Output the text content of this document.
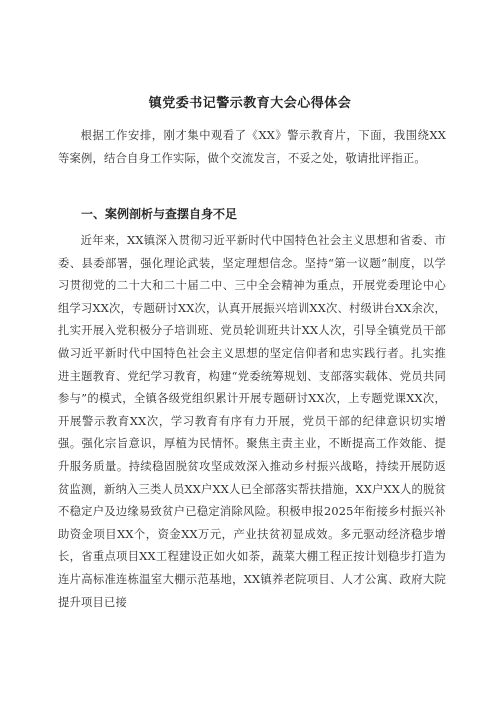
镇党委书记警示教育大会心得体会

根据工作安排，刚才集中观看了《XX》警示教育片，下面，我围绕XX等案例，结合自身工作实际，做个交流发言，不妥之处，敬请批评指正。

一、案例剖析与查摆自身不足

近年来，XX镇深入贯彻习近平新时代中国特色社会主义思想和省委、市委、县委部署，强化理论武装，坚定理想信念。坚持“第一议题”制度，以学习贯彻党的二十大和二十届二中、三中全会精神为重点，开展党委理论中心组学习XX次，专题研讨XX次，认真开展振兴培训XX次、村级讲台XX余次，扎实开展入党积极分子培训班、党员轮训班共计XX人次，引导全镇党员干部做习近平新时代中国特色社会主义思想的坚定信仰者和忠实践行者。扎实推进主题教育、党纪学习教育，构建“党委统筹规划、支部落实载体、党员共同参与”的模式，全镇各级党组织累计开展专题研讨XX次，上专题党课XX次，开展警示教育XX次，学习教育有序有力开展，党员干部的纪律意识切实增强。强化宗旨意识，厚植为民情怀。聚焦主责主业，不断提高工作效能、提升服务质量。持续稳固脱贫攻坚成效深入推动乡村振兴战略，持续开展防返贫监测，新纳入三类人员XX户XX人已全部落实帮扶措施，XX户XX人的脱贫不稳定户及边缘易致贫户已稳定消除风险。积极申报2025年衔接乡村振兴补助资金项目XX个，资金XX万元，产业扶贫初显成效。多元驱动经济稳步增长，省重点项目XX工程建设正如火如荼，蔬菜大棚工程正按计划稳步打造为连片高标准连栋温室大棚示范基地，XX镇养老院项目、人才公寓、政府大院提升项目已接
